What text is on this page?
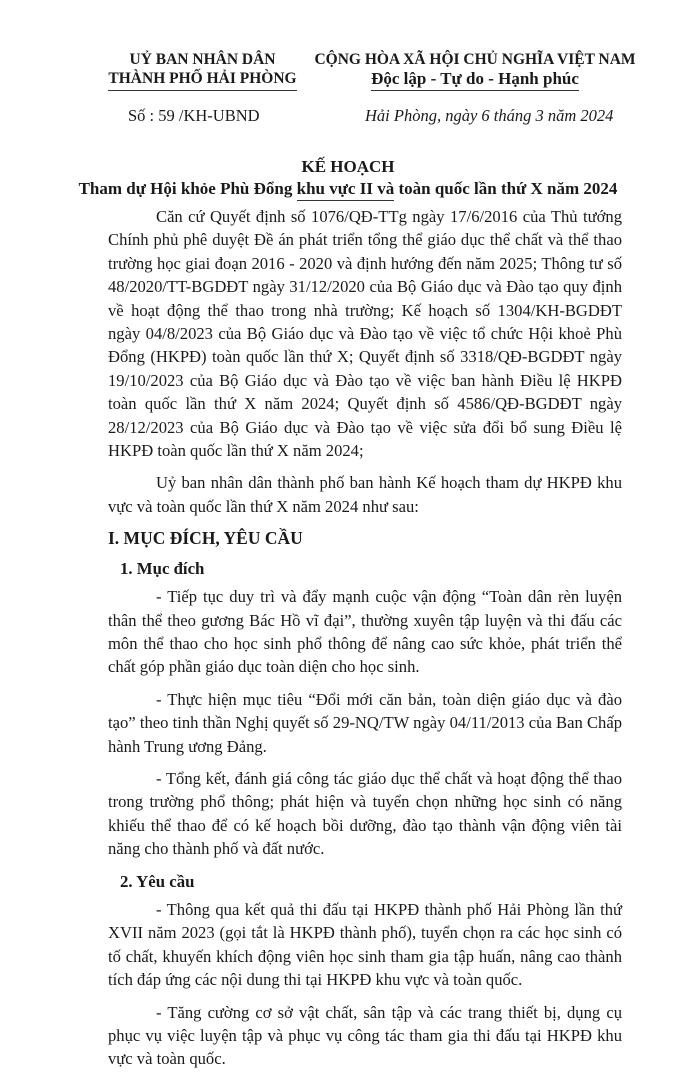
UỶ BAN NHÂN DÂN
THÀNH PHỐ HẢI PHÒNG
CỘNG HÒA XÃ HỘI CHỦ NGHĨA VIỆT NAM
Độc lập - Tự do - Hạnh phúc
Số : 59 /KH-UBND	Hải Phòng, ngày 6 tháng 3 năm 2024
KẾ HOẠCH
Tham dự Hội khỏe Phù Đổng khu vực II và toàn quốc lần thứ X năm 2024

Căn cứ Quyết định số 1076/QĐ-TTg ngày 17/6/2016 của Thủ tướng Chính phủ phê duyệt Đề án phát triển tổng thể giáo dục thể chất và thể thao trường học giai đoạn 2016 - 2020 và định hướng đến năm 2025; Thông tư số 48/2020/TT-BGDĐT ngày 31/12/2020 của Bộ Giáo dục và Đào tạo quy định về hoạt động thể thao trong nhà trường; Kế hoạch số 1304/KH-BGDĐT ngày 04/8/2023 của Bộ Giáo dục và Đào tạo về việc tổ chức Hội khoẻ Phù Đổng (HKPĐ) toàn quốc lần thứ X; Quyết định số 3318/QĐ-BGDĐT ngày 19/10/2023 của Bộ Giáo dục và Đào tạo về việc ban hành Điều lệ HKPĐ toàn quốc lần thứ X năm 2024; Quyết định số 4586/QĐ-BGDĐT ngày 28/12/2023 của Bộ Giáo dục và Đào tạo về việc sửa đổi bổ sung Điều lệ HKPĐ toàn quốc lần thứ X năm 2024;

Uỷ ban nhân dân thành phố ban hành Kế hoạch tham dự HKPĐ khu vực và toàn quốc lần thứ X năm 2024 như sau:

I. MỤC ĐÍCH, YÊU CẦU
1. Mục đích

- Tiếp tục duy trì và đẩy mạnh cuộc vận động “Toàn dân rèn luyện thân thể theo gương Bác Hồ vĩ đại”, thường xuyên tập luyện và thi đấu các môn thể thao cho học sinh phổ thông để nâng cao sức khỏe, phát triển thể chất góp phần giáo dục toàn diện cho học sinh.

- Thực hiện mục tiêu “Đổi mới căn bản, toàn diện giáo dục và đào tạo” theo tinh thần Nghị quyết số 29-NQ/TW ngày 04/11/2013 của Ban Chấp hành Trung ương Đảng.

- Tổng kết, đánh giá công tác giáo dục thể chất và hoạt động thể thao trong trường phổ thông; phát hiện và tuyển chọn những học sinh có năng khiếu thể thao để có kế hoạch bồi dưỡng, đào tạo thành vận động viên tài năng cho thành phố và đất nước.

2. Yêu cầu

- Thông qua kết quả thi đấu tại HKPĐ thành phố Hải Phòng lần thứ XVII năm 2023 (gọi tắt là HKPĐ thành phố), tuyển chọn ra các học sinh có tố chất, khuyến khích động viên học sinh tham gia tập huấn, nâng cao thành tích đáp ứng các nội dung thi tại HKPĐ khu vực và toàn quốc.

- Tăng cường cơ sở vật chất, sân tập và các trang thiết bị, dụng cụ phục vụ việc luyện tập và phục vụ công tác tham gia thi đấu tại HKPĐ khu vực và toàn quốc.
